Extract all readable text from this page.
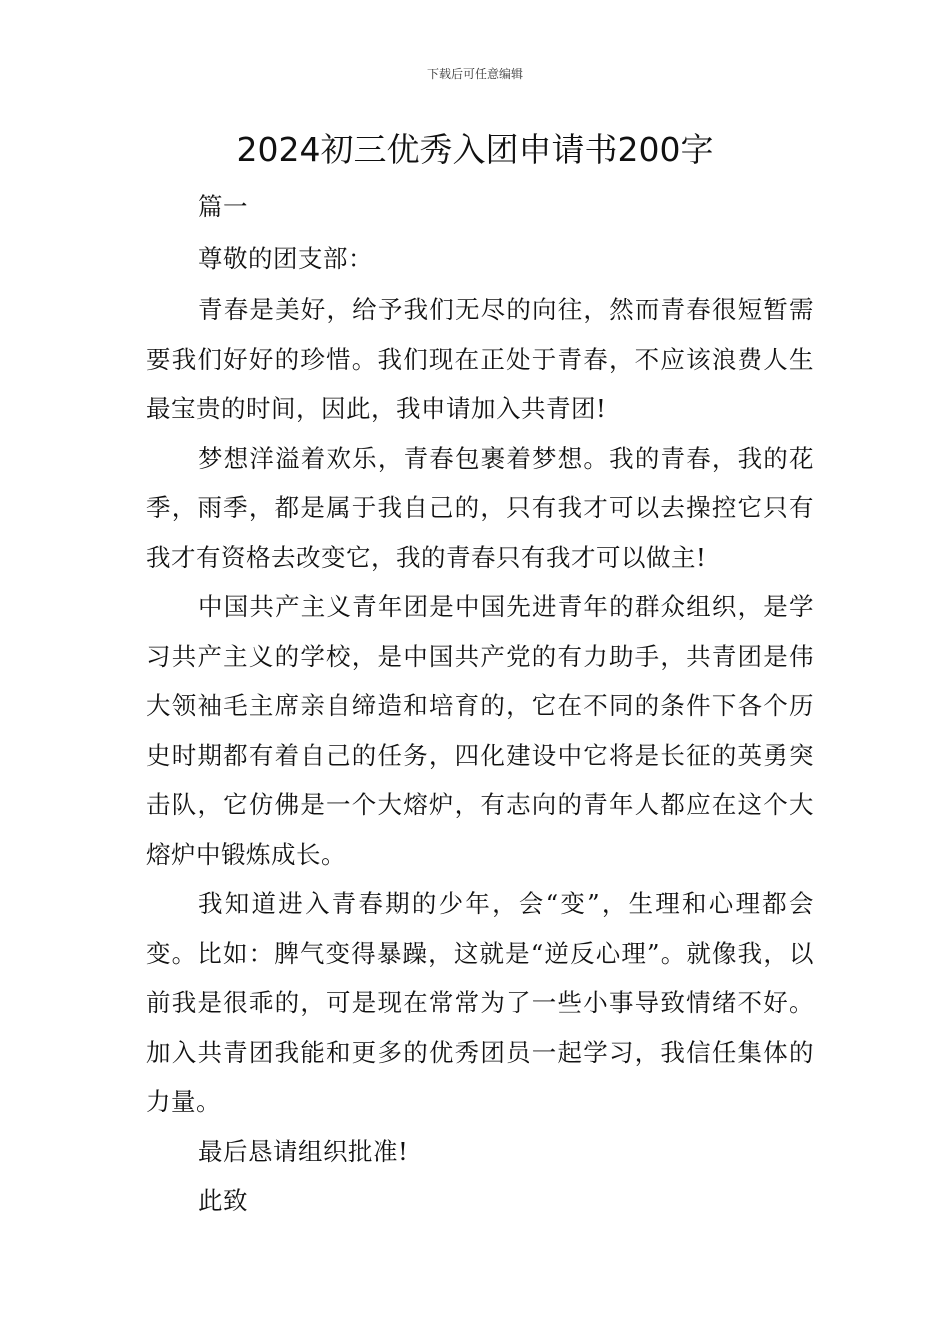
下载后可任意编辑
2024初三优秀入团申请书200字

篇一

尊敬的团支部：

青春是美好，给予我们无尽的向往，然而青春很短暂需要我们好好的珍惜。我们现在正处于青春，不应该浪费人生最宝贵的时间，因此，我申请加入共青团!

梦想洋溢着欢乐，青春包裹着梦想。我的青春，我的花季，雨季，都是属于我自己的，只有我才可以去操控它只有我才有资格去改变它，我的青春只有我才可以做主!

中国共产主义青年团是中国先进青年的群众组织，是学习共产主义的学校，是中国共产党的有力助手，共青团是伟大领袖毛主席亲自缔造和培育的，它在不同的条件下各个历史时期都有着自己的任务，四化建设中它将是长征的英勇突击队，它仿佛是一个大熔炉，有志向的青年人都应在这个大熔炉中锻炼成长。

我知道进入青春期的少年，会“变”，生理和心理都会变。比如：脾气变得暴躁，这就是“逆反心理”。就像我，以前我是很乖的，可是现在常常为了一些小事导致情绪不好。加入共青团我能和更多的优秀团员一起学习，我信任集体的力量。

最后恳请组织批准!

此致
